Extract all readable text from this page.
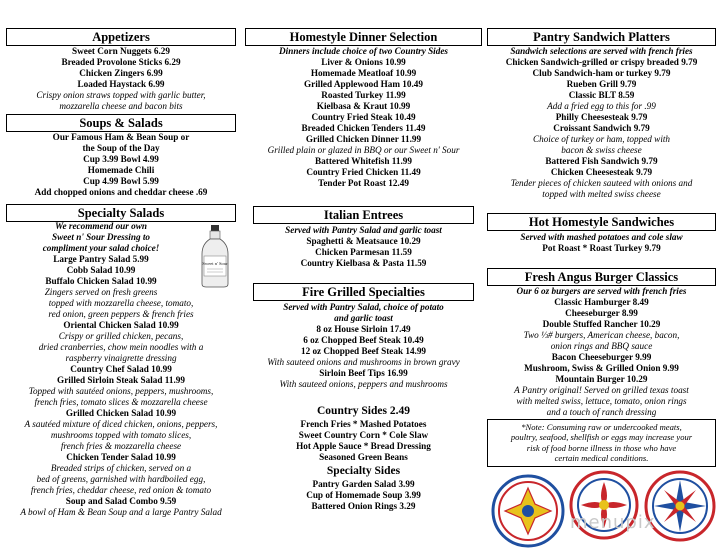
Appetizers
Sweet Corn Nuggets 6.29
Breaded Provolone Sticks 6.29
Chicken Zingers 6.99
Loaded Haystack 6.99
Crispy onion straws topped with garlic butter,
mozzarella cheese and bacon bits
Soups & Salads
Our Famous Ham & Bean Soup or
the Soup of the Day
Cup 3.99 Bowl 4.99
Homemade Chili
Cup 4.99 Bowl 5.99
Add chopped onions and cheddar cheese .69
Specialty Salads
We recommend our own
Sweet n' Sour Dressing to
compliment your salad choice!
Large Pantry Salad 5.99
Cobb Salad 10.99
Buffalo Chicken Salad 10.99
Zingers served on fresh greens
Sweet n' Sour
topped with mozzarella cheese, tomato,
red onion, green peppers & french fries
Oriental Chicken Salad 10.99
Crispy or grilled chicken, pecans,
dried cranberries, chow mein noodles with a
raspberry vinaigrette dressing
Country Chef Salad 10.99
Grilled Sirloin Steak Salad 11.99
Topped with sautéed onions, peppers, mushrooms,
french fries, tomato slices & mozzarella cheese
Grilled Chicken Salad 10.99
A sautéed mixture of diced chicken, onions, peppers,
mushrooms topped with tomato slices,
french fries & mozzarella cheese
Chicken Tender Salad 10.99
Breaded strips of chicken, served on a
bed of greens, garnished with hardboiled egg,
french fries, cheddar cheese, red onion & tomato
Soup and Salad Combo 9.59
A bowl of Ham & Bean Soup and a large Pantry Salad
Homestyle Dinner Selection
Dinners include choice of two Country Sides
Liver & Onions 10.99
Homemade Meatloaf 10.99
Grilled Applewood Ham 10.49
Roasted Turkey 11.99
Kielbasa & Kraut 10.99
Country Fried Steak 10.49
Breaded Chicken Tenders 11.49
Grilled Chicken Dinner 11.99
Grilled plain or glazed in BBQ or our Sweet n' Sour
Battered Whitefish 11.99
Country Fried Chicken 11.49
Tender Pot Roast 12.49
Italian Entrees
Served with Pantry Salad and garlic toast
Spaghetti & Meatsauce 10.29
Chicken Parmesan 11.59
Country Kielbasa & Pasta 11.59
Fire Grilled Specialties
Served with Pantry Salad, choice of potato
and garlic toast
8 oz House Sirloin 17.49
6 oz Chopped Beef Steak 10.49
12 oz Chopped Beef Steak 14.99
With sauteed onions and mushrooms in brown gravy
Sirloin Beef Tips 16.99
With sauteed onions, peppers and mushrooms
Country Sides 2.49
French Fries * Mashed Potatoes
Sweet Country Corn * Cole Slaw
Hot Apple Sauce * Bread Dressing
Seasoned Green Beans
Specialty Sides
Pantry Garden Salad 3.99
Cup of Homemade Soup 3.99
Battered Onion Rings 3.29
Pantry Sandwich Platters
Sandwich selections are served with french fries
Chicken Sandwich-grilled or crispy breaded 9.79
Club Sandwich-ham or turkey 9.79
Rueben Grill 9.79
Classic BLT 8.59
Add a fried egg to this for .99
Philly Cheesesteak 9.79
Croissant Sandwich 9.79
Choice of turkey or ham, topped with
bacon & swiss cheese
Battered Fish Sandwich 9.79
Chicken Cheesesteak 9.79
Tender pieces of chicken sauteed with onions and
topped with melted swiss cheese
Hot Homestyle Sandwiches
Served with mashed potatoes and cole slaw
Pot Roast * Roast Turkey 9.79
Fresh Angus Burger Classics
Our 6 oz burgers are served with french fries
Classic Hamburger 8.49
Cheeseburger 8.99
Double Stuffed Rancher 10.29
Two ⅓# burgers, American cheese, bacon,
onion rings and BBQ sauce
Bacon Cheeseburger 9.99
Mushroom, Swiss & Grilled Onion 9.99
Mountain Burger 10.29
A Pantry original! Served on grilled texas toast
with melted swiss, lettuce, tomato, onion rings
and a touch of ranch dressing
*Note: Consuming raw or undercooked meats,
poultry, seafood, shellfish or eggs may increase your
risk of food borne illness in those who have
certain medical conditions.
menupix
